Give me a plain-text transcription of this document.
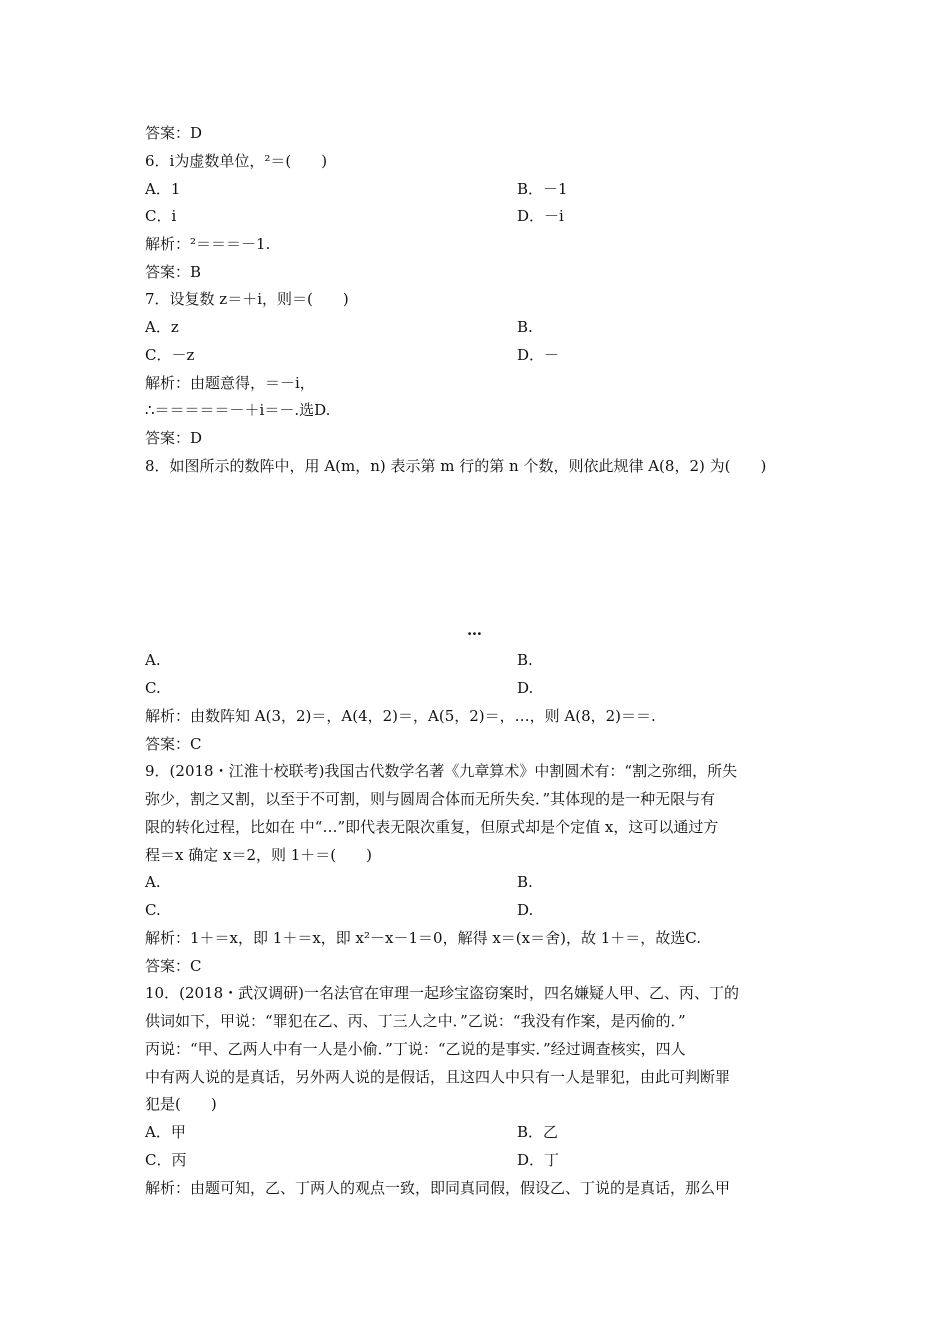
答案：D
6．i为虚数单位，²＝(　　)
A．1	B．－1
C．i	D．－i
解析：²＝＝＝－1.
答案：B
7．设复数 z＝＋i，则＝(　　)
A．z	B.
C．－z	D．－
解析：由题意得，＝－i，
∴＝＝＝＝＝－＋i＝－.选D.
答案：D
8．如图所示的数阵中，用 A(m，n) 表示第 m 行的第 n 个数，则依此规律 A(8，2) 为(　　)
…
A.	B.
C.	D.
解析：由数阵知 A(3，2)＝，A(4，2)＝，A(5，2)＝，…，则 A(8，2)＝＝.
答案：C
9．(2018・江淮十校联考)我国古代数学名著《九章算术》中割圆术有：“割之弥细，所失
弥少，割之又割，以至于不可割，则与圆周合体而无所失矣．”其体现的是一种无限与有
限的转化过程，比如在 中“…”即代表无限次重复，但原式却是个定值 x，这可以通过方
程＝x 确定 x＝2，则 1＋＝(　　)
A.	B.
C.	D.
解析：1＋＝x，即 1＋＝x，即 x²－x－1＝0，解得 x＝(x＝舍)，故 1＋＝，故选C.
答案：C
10．(2018・武汉调研)一名法官在审理一起珍宝盗窃案时，四名嫌疑人甲、乙、丙、丁的
供词如下，甲说：“罪犯在乙、丙、丁三人之中．”乙说：“我没有作案，是丙偷的．”
丙说：“甲、乙两人中有一人是小偷．”丁说：“乙说的是事实．”经过调查核实，四人
中有两人说的是真话，另外两人说的是假话，且这四人中只有一人是罪犯，由此可判断罪
犯是(　　)
A．甲	B．乙
C．丙	D．丁
解析：由题可知，乙、丁两人的观点一致，即同真同假，假设乙、丁说的是真话，那么甲
